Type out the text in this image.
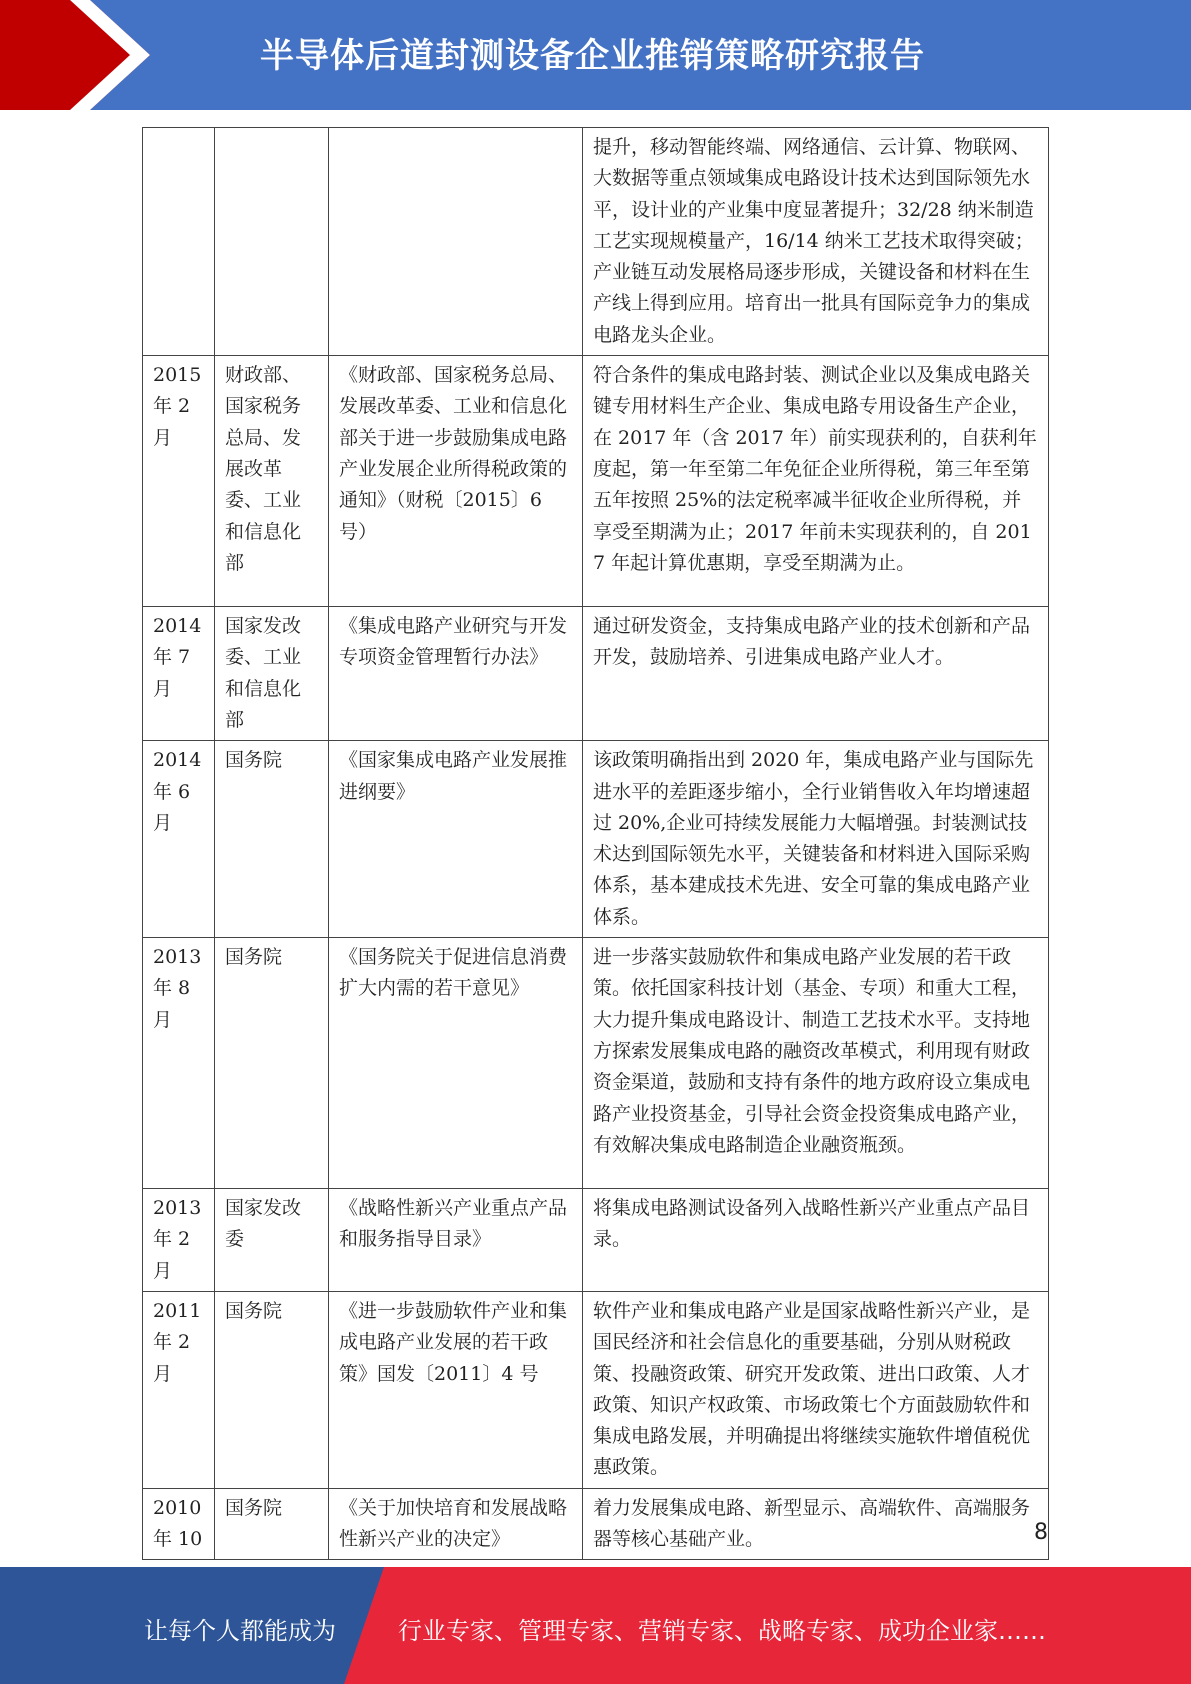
半导体后道封测设备企业推销策略研究报告
			提升，移动智能终端、网络通信、云计算、物联网、大数据等重点领域集成电路设计技术达到国际领先水平，设计业的产业集中度显著提升；32/28 纳米制造工艺实现规模量产，16/14 纳米工艺技术取得突破；产业链互动发展格局逐步形成，关键设备和材料在生产线上得到应用。培育出一批具有国际竞争力的集成电路龙头企业。
2015 年 2 月	财政部、国家税务总局、发展改革委、工业和信息化部	《财政部、国家税务总局、发展改革委、工业和信息化部关于进一步鼓励集成电路产业发展企业所得税政策的通知》（财税〔2015〕6 号）	符合条件的集成电路封装、测试企业以及集成电路关键专用材料生产企业、集成电路专用设备生产企业，在 2017 年（含 2017 年）前实现获利的，自获利年度起，第一年至第二年免征企业所得税，第三年至第五年按照 25%的法定税率减半征收企业所得税，并享受至期满为止；2017 年前未实现获利的，自 2017 年起计算优惠期，享受至期满为止。
2014 年 7 月	国家发改委、工业和信息化部	《集成电路产业研究与开发专项资金管理暂行办法》	通过研发资金，支持集成电路产业的技术创新和产品开发，鼓励培养、引进集成电路产业人才。
2014 年 6 月	国务院	《国家集成电路产业发展推进纲要》	该政策明确指出到 2020 年，集成电路产业与国际先进水平的差距逐步缩小，全行业销售收入年均增速超过 20%,企业可持续发展能力大幅增强。封装测试技术达到国际领先水平，关键装备和材料进入国际采购体系，基本建成技术先进、安全可靠的集成电路产业体系。
2013 年 8 月	国务院	《国务院关于促进信息消费扩大内需的若干意见》	进一步落实鼓励软件和集成电路产业发展的若干政策。依托国家科技计划（基金、专项）和重大工程，大力提升集成电路设计、制造工艺技术水平。支持地方探索发展集成电路的融资改革模式，利用现有财政资金渠道，鼓励和支持有条件的地方政府设立集成电路产业投资基金，引导社会资金投资集成电路产业，有效解决集成电路制造企业融资瓶颈。
2013 年 2 月	国家发改委	《战略性新兴产业重点产品和服务指导目录》	将集成电路测试设备列入战略性新兴产业重点产品目录。
2011 年 2 月	国务院	《进一步鼓励软件产业和集成电路产业发展的若干政策》国发〔2011〕4 号	软件产业和集成电路产业是国家战略性新兴产业，是国民经济和社会信息化的重要基础，分别从财税政策、投融资政策、研究开发政策、进出口政策、人才政策、知识产权政策、市场政策七个方面鼓励软件和集成电路发展，并明确提出将继续实施软件增值税优惠政策。
2010 年 10	国务院	《关于加快培育和发展战略性新兴产业的决定》	着力发展集成电路、新型显示、高端软件、高端服务器等核心基础产业。	8
让每个人都能成为	行业专家、管理专家、营销专家、战略专家、成功企业家……
